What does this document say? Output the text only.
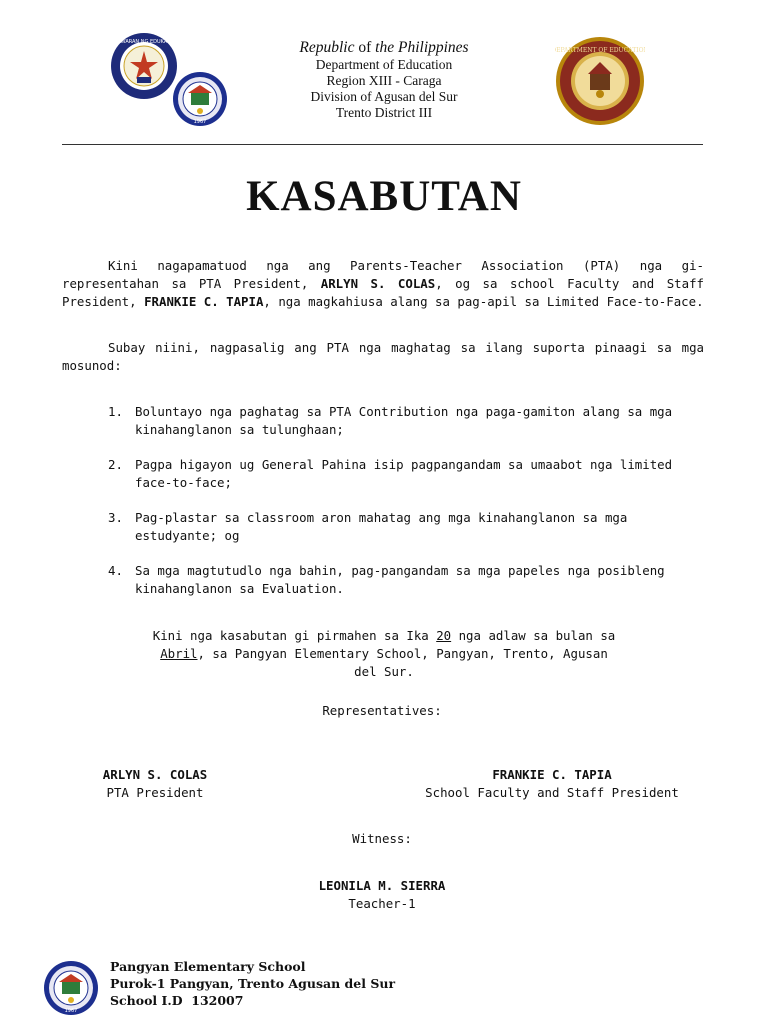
KAGAWARAN NG EDUKASYON
1967
DEPARTMENT OF EDUCATION
Republic of the Philippines
Department of Education
Region XIII - Caraga
Division of Agusan del Sur
Trento District III
KASABUTAN
Kini nagapamatuod nga ang Parents-Teacher Association (PTA) nga gi-representahan sa PTA President, ARLYN S. COLAS, og sa school Faculty and Staff President, FRANKIE C. TAPIA, nga magkahiusa alang sa pag-apil sa Limited Face-to-Face.
Subay niini, nagpasalig ang PTA nga maghatag sa ilang suporta pinaagi sa mga mosunod:
1. Boluntayo nga paghatag sa PTA Contribution nga paga-gamiton alang sa mga kinahanglanon sa tulunghaan;
2. Pagpa higayon ug General Pahina isip pagpangandam sa umaabot nga limited face-to-face;
3. Pag-plastar sa classroom aron mahatag ang mga kinahanglanon sa mga estudyante; og
4. Sa mga magtutudlo nga bahin, pag-pangandam sa mga papeles nga posibleng kinahanglanon sa Evaluation.
Kini nga kasabutan gi pirmahen sa Ika 20 nga adlaw sa bulan sa Abril, sa Pangyan Elementary School, Pangyan, Trento, Agusan del Sur.
Representatives:
ARLYN S. COLAS
PTA President
FRANKIE C. TAPIA
School Faculty and Staff President
Witness:
LEONILA M. SIERRA
Teacher-1
1967
Pangyan Elementary School
Purok-1 Pangyan, Trento Agusan del Sur
School I.D  132007
